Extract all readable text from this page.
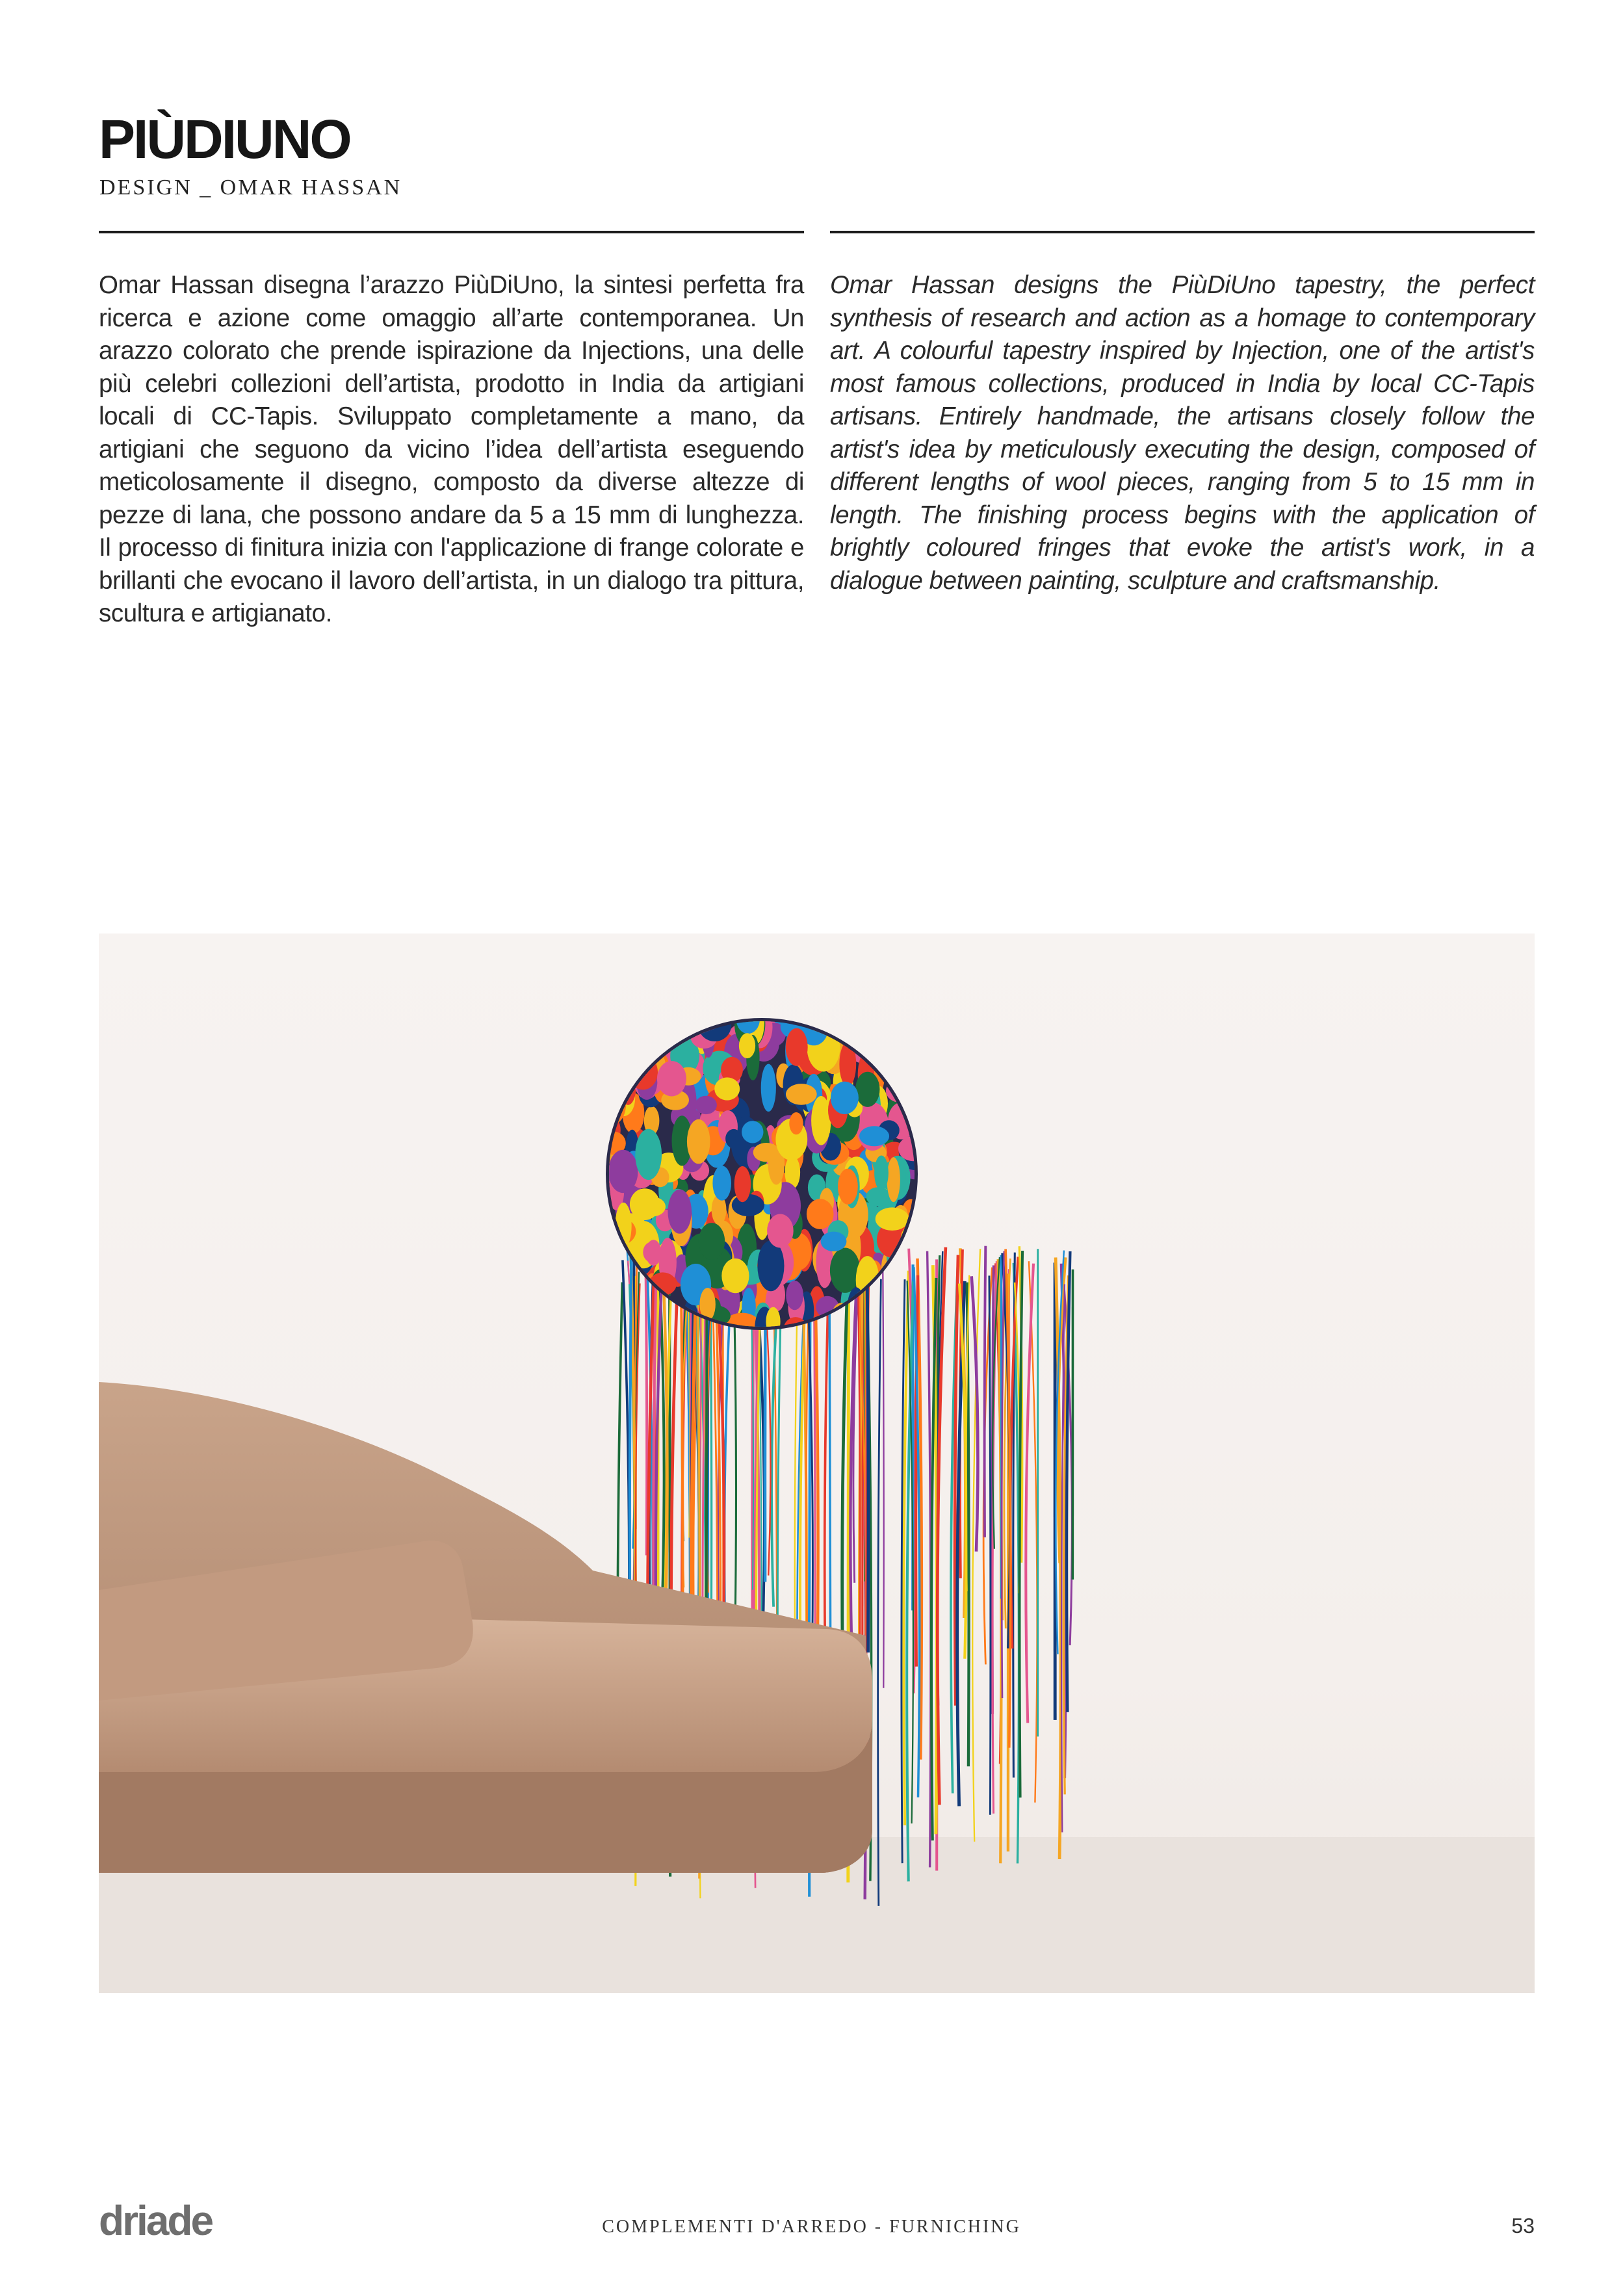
PIÙDIUNO
DESIGN _ OMAR HASSAN
Omar Hassan disegna l’arazzo PiùDiUno, la sintesi perfetta fra ricerca e azione come omaggio all’arte contemporanea. Un arazzo colorato che prende ispirazione da Injections, una delle più celebri collezioni dell’artista, prodotto in India da artigiani locali di CC-Tapis. Sviluppato completamente a mano, da artigiani che seguono da vicino l’idea dell’artista eseguendo meticolosamente il disegno, composto da diverse altezze di pezze di lana, che possono andare da 5 a 15 mm di lunghezza. Il processo di finitura inizia con l'applicazione di frange colorate e brillanti che evocano il lavoro dell’artista, in un dialogo tra pittura, scultura e artigianato.
Omar Hassan designs the PiùDiUno tapestry, the perfect synthesis of research and action as a homage to contemporary art. A colourful tapestry inspired by Injection, one of the artist's most famous collections, produced in India by local CC-Tapis artisans. Entirely handmade, the artisans closely follow the artist's idea by meticulously executing the design, composed of different lengths of wool pieces, ranging from 5 to 15 mm in length. The finishing process begins with the application of brightly coloured fringes that evoke the artist's work, in a dialogue between painting, sculpture and craftsmanship.
driade	COMPLEMENTI D'ARREDO - FURNICHING	53
